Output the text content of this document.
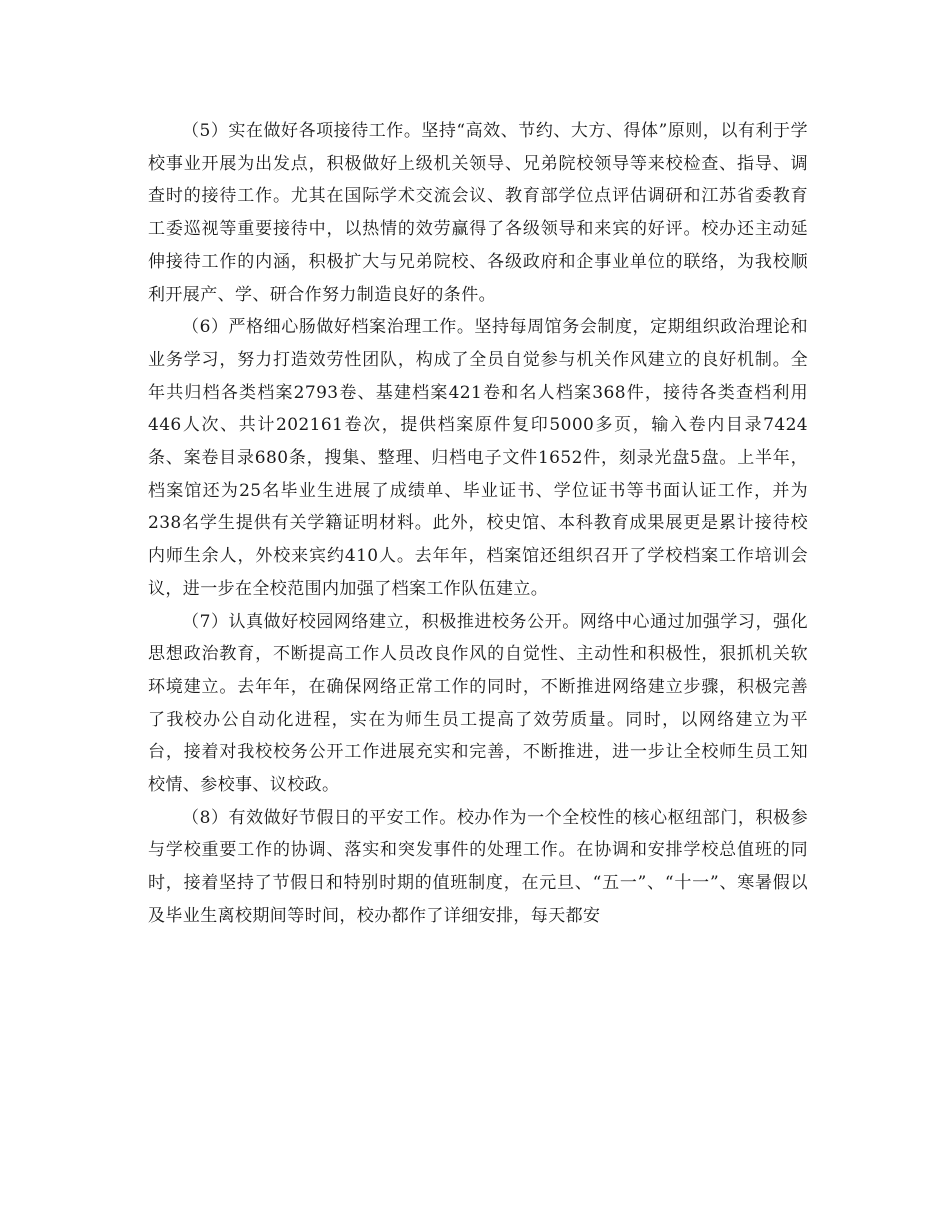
（5）实在做好各项接待工作。坚持“高效、节约、大方、得体”原则，以有利于学校事业开展为出发点，积极做好上级机关领导、兄弟院校领导等来校检查、指导、调查时的接待工作。尤其在国际学术交流会议、教育部学位点评估调研和江苏省委教育工委巡视等重要接待中，以热情的效劳赢得了各级领导和来宾的好评。校办还主动延伸接待工作的内涵，积极扩大与兄弟院校、各级政府和企事业单位的联络，为我校顺利开展产、学、研合作努力制造良好的条件。

（6）严格细心肠做好档案治理工作。坚持每周馆务会制度，定期组织政治理论和业务学习，努力打造效劳性团队，构成了全员自觉参与机关作风建立的良好机制。全年共归档各类档案2793卷、基建档案421卷和名人档案368件，接待各类查档利用446人次、共计202161卷次，提供档案原件复印5000多页，输入卷内目录7424条、案卷目录680条，搜集、整理、归档电子文件1652件，刻录光盘5盘。上半年，档案馆还为25名毕业生进展了成绩单、毕业证书、学位证书等书面认证工作，并为238名学生提供有关学籍证明材料。此外，校史馆、本科教育成果展更是累计接待校内师生余人，外校来宾约410人。去年年，档案馆还组织召开了学校档案工作培训会议，进一步在全校范围内加强了档案工作队伍建立。

（7）认真做好校园网络建立，积极推进校务公开。网络中心通过加强学习，强化思想政治教育，不断提高工作人员改良作风的自觉性、主动性和积极性，狠抓机关软环境建立。去年年，在确保网络正常工作的同时，不断推进网络建立步骤，积极完善了我校办公自动化进程，实在为师生员工提高了效劳质量。同时，以网络建立为平台，接着对我校校务公开工作进展充实和完善，不断推进，进一步让全校师生员工知校情、参校事、议校政。

（8）有效做好节假日的平安工作。校办作为一个全校性的核心枢纽部门，积极参与学校重要工作的协调、落实和突发事件的处理工作。在协调和安排学校总值班的同时，接着坚持了节假日和特别时期的值班制度，在元旦、“五一”、“十一”、寒暑假以及毕业生离校期间等时间，校办都作了详细安排，每天都安
